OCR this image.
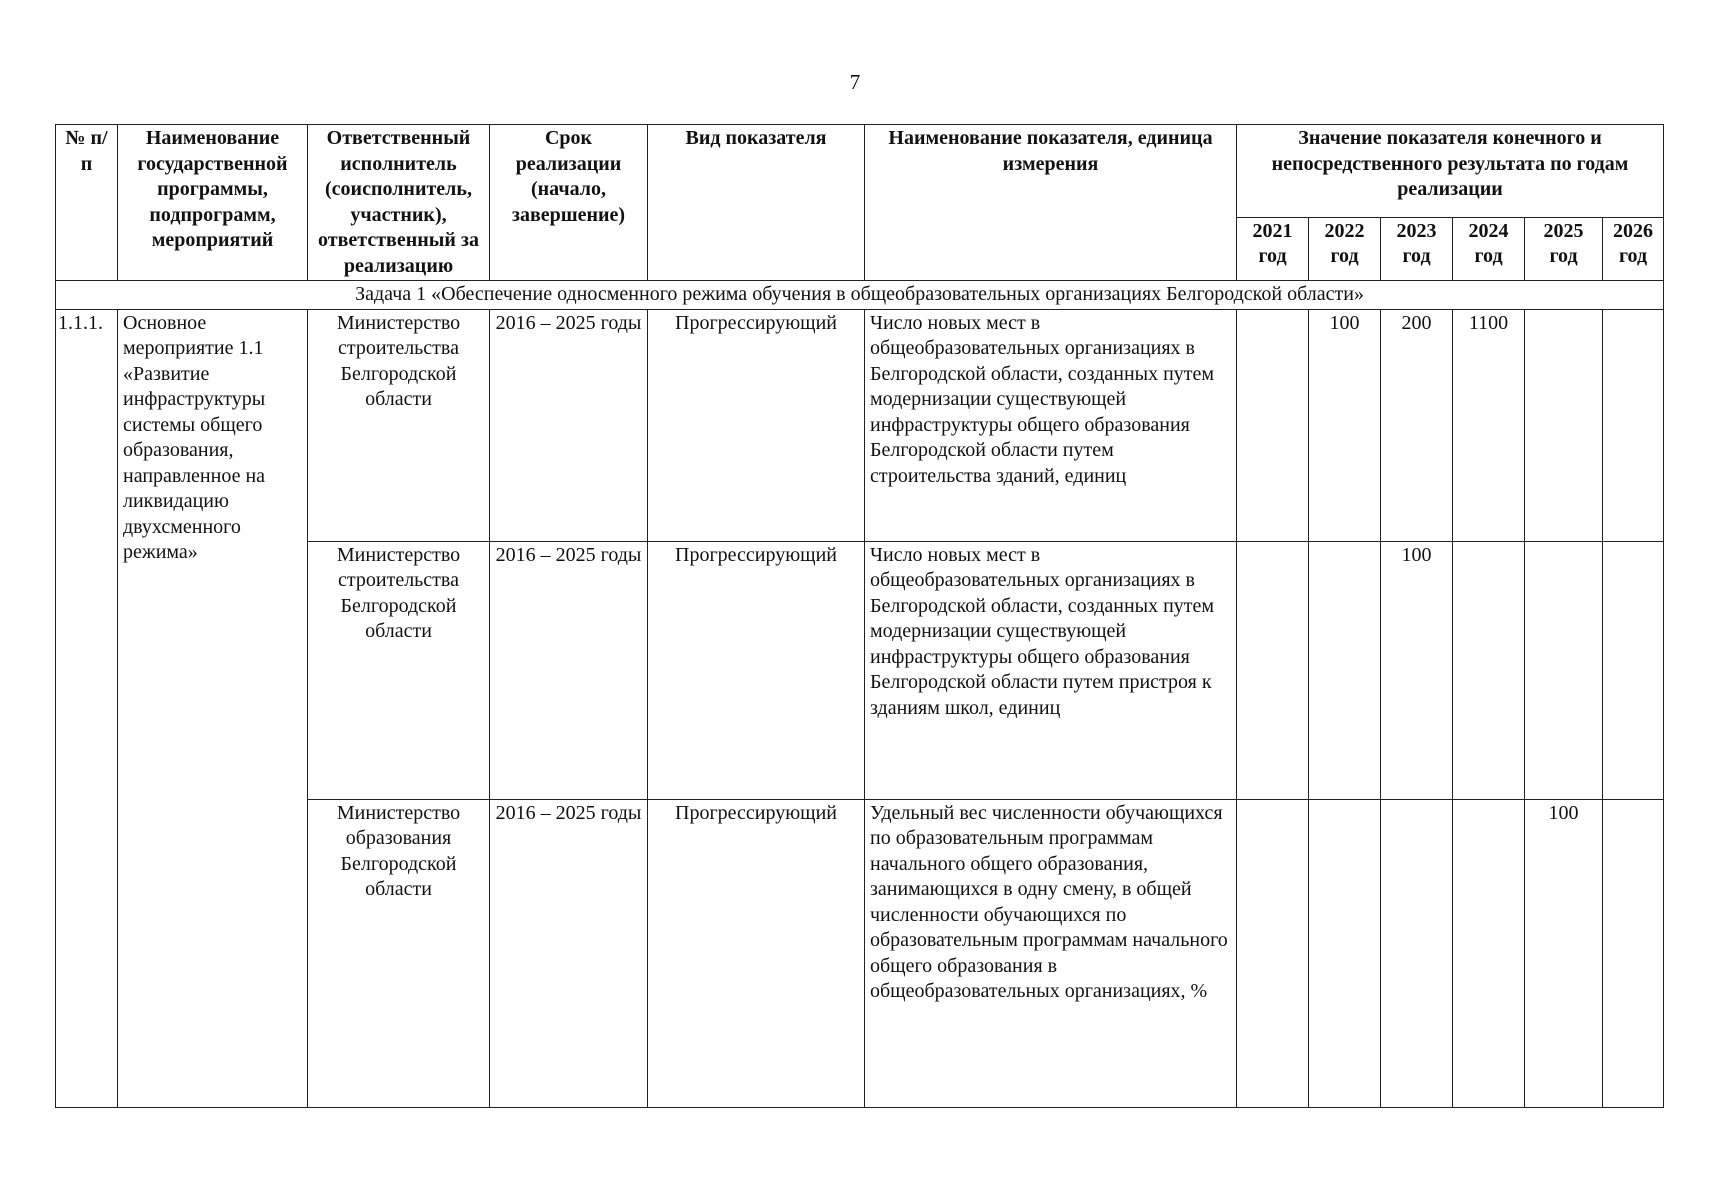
7
№ п/п	Наименование государственной программы, подпрограмм, мероприятий	Ответственный исполнитель (соисполнитель, участник), ответственный за реализацию	Срок реализации (начало, завершение)	Вид показателя	Наименование показателя, единица измерения	Значение показателя конечного и непосредственного результата по годам реализации					
						2021 год	2022 год	2023 год	2024 год	2025 год	2026 год
Задача 1 «Обеспечение односменного режима обучения в общеобразовательных организациях Белгородской области»											
1.1.1.	Основное мероприятие 1.1 «Развитие инфраструктуры системы общего образования, направленное на ликвидацию двухсменного режима»	Министерство строительства Белгородской области	2016 – 2025 годы	Прогрессирующий	Число новых мест в общеобразовательных организациях в Белгородской области, созданных путем модернизации существующей инфраструктуры общего образования Белгородской области путем строительства зданий, единиц		100	200	1100		
		Министерство строительства Белгородской области	2016 – 2025 годы	Прогрессирующий	Число новых мест в общеобразовательных организациях в Белгородской области, созданных путем модернизации существующей инфраструктуры общего образования Белгородской области путем пристроя к зданиям школ, единиц			100			
		Министерство образования Белгородской области	2016 – 2025 годы	Прогрессирующий	Удельный вес численности обучающихся по образовательным программам начального общего образования, занимающихся в одну смену, в общей численности обучающихся по образовательным программам начального общего образования в общеобразовательных организациях, %					100	
